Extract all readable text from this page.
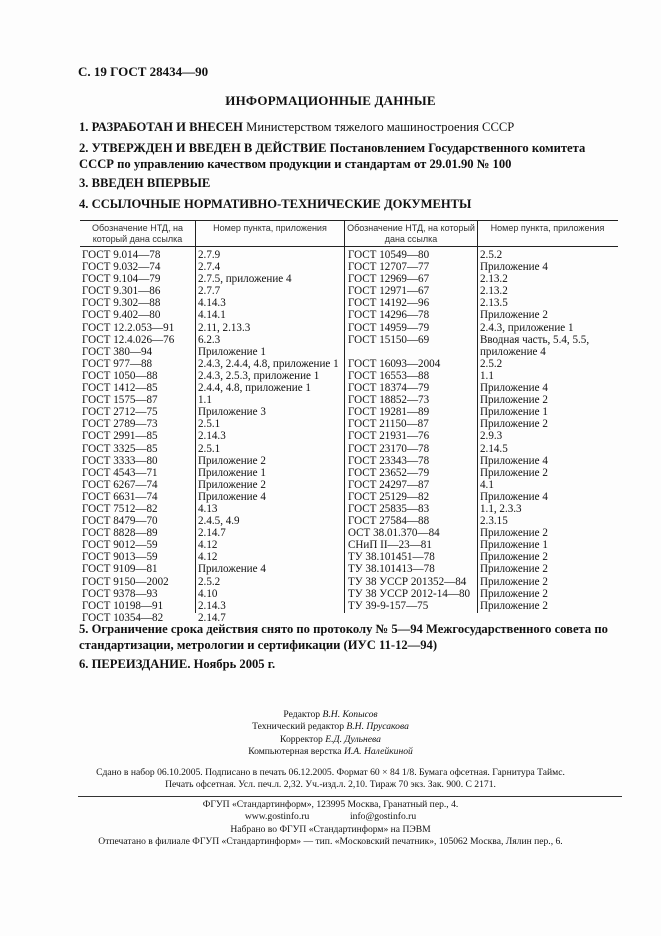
С. 19 ГОСТ 28434—90
ИНФОРМАЦИОННЫЕ ДАННЫЕ
1. РАЗРАБОТАН И ВНЕСЕН Министерством тяжелого машиностроения СССР
2. УТВЕРЖДЕН И ВВЕДЕН В ДЕЙСТВИЕ Постановлением Государственного комитета СССР по управлению качеством продукции и стандартам от 29.01.90 № 100
3. ВВЕДЕН ВПЕРВЫЕ
4. ССЫЛОЧНЫЕ НОРМАТИВНО-ТЕХНИЧЕСКИЕ ДОКУМЕНТЫ
Обозначение НТД, на который дана ссылка
Номер пункта, приложения	Обозначение НТД, на который дана ссылка
Номер пункта, приложения
ГОСТ 9.014—78
ГОСТ 9.032—74
ГОСТ 9.104—79
ГОСТ 9.301—86
ГОСТ 9.302—88
ГОСТ 9.402—80
ГОСТ 12.2.053—91
ГОСТ 12.4.026—76
ГОСТ 380—94
ГОСТ 977—88
ГОСТ 1050—88
ГОСТ 1412—85
ГОСТ 1575—87
ГОСТ 2712—75
ГОСТ 2789—73
ГОСТ 2991—85
ГОСТ 3325—85
ГОСТ 3333—80
ГОСТ 4543—71
ГОСТ 6267—74
ГОСТ 6631—74
ГОСТ 7512—82
ГОСТ 8479—70
ГОСТ 8828—89
ГОСТ 9012—59
ГОСТ 9013—59
ГОСТ 9109—81
ГОСТ 9150—2002
ГОСТ 9378—93
ГОСТ 10198—91
ГОСТ 10354—82
2.7.9
2.7.4
2.7.5, приложение 4
2.7.7
4.14.3
4.14.1
2.11, 2.13.3
6.2.3
Приложение 1
2.4.3, 2.4.4, 4.8, приложение 1
2.4.3, 2.5.3, приложение 1
2.4.4, 4.8, приложение 1
1.1
Приложение 3
2.5.1
2.14.3
2.5.1
Приложение 2
Приложение 1
Приложение 2
Приложение 4
4.13
2.4.5, 4.9
2.14.7
4.12
4.12
Приложение 4
2.5.2
4.10
2.14.3
2.14.7
ГОСТ 10549—80
ГОСТ 12707—77
ГОСТ 12969—67
ГОСТ 12971—67
ГОСТ 14192—96
ГОСТ 14296—78
ГОСТ 14959—79
ГОСТ 15150—69
ГОСТ 16093—2004
ГОСТ 16553—88
ГОСТ 18374—79
ГОСТ 18852—73
ГОСТ 19281—89
ГОСТ 21150—87
ГОСТ 21931—76
ГОСТ 23170—78
ГОСТ 23343—78
ГОСТ 23652—79
ГОСТ 24297—87
ГОСТ 25129—82
ГОСТ 25835—83
ГОСТ 27584—88
ОСТ 38.01.370—84
СНиП II—23—81
ТУ 38.101451—78
ТУ 38.101413—78
ТУ 38 УССР 201352—84
ТУ 38 УССР 2012-14—80
ТУ 39-9-157—75
2.5.2
Приложение 4
2.13.2
2.13.2
2.13.5
Приложение 2
2.4.3, приложение 1
Вводная часть, 5.4, 5.5,
приложение 4
2.5.2
1.1
Приложение 4
Приложение 2
Приложение 1
Приложение 2
2.9.3
2.14.5
Приложение 4
Приложение 2
4.1
Приложение 4
1.1, 2.3.3
2.3.15
Приложение 2
Приложение 1
Приложение 2
Приложение 2
Приложение 2
Приложение 2
Приложение 2
5. Ограничение срока действия снято по протоколу № 5—94 Межгосударственного совета по стандартизации, метрологии и сертификации (ИУС 11-12—94)
6. ПЕРЕИЗДАНИЕ. Ноябрь 2005 г.
Редактор В.Н. Копысов
Технический редактор В.Н. Прусакова
Корректор Е.Д. Дульнева
Компьютерная верстка И.А. Налейкиной
Сдано в набор 06.10.2005. Подписано в печать 06.12.2005. Формат 60 × 84 1/8. Бумага офсетная. Гарнитура Таймс.
Печать офсетная. Усл. печ.л. 2,32. Уч.-изд.л. 2,10. Тираж 70 экз. Зак. 900. С 2171.
ФГУП «Стандартинформ», 123995 Москва, Гранатный пер., 4.
www.gostinfo.ru                 info@gostinfo.ru
Набрано во ФГУП «Стандартинформ» на ПЭВМ
Отпечатано в филиале ФГУП «Стандартинформ» — тип. «Московский печатник», 105062 Москва, Лялин пер., 6.
